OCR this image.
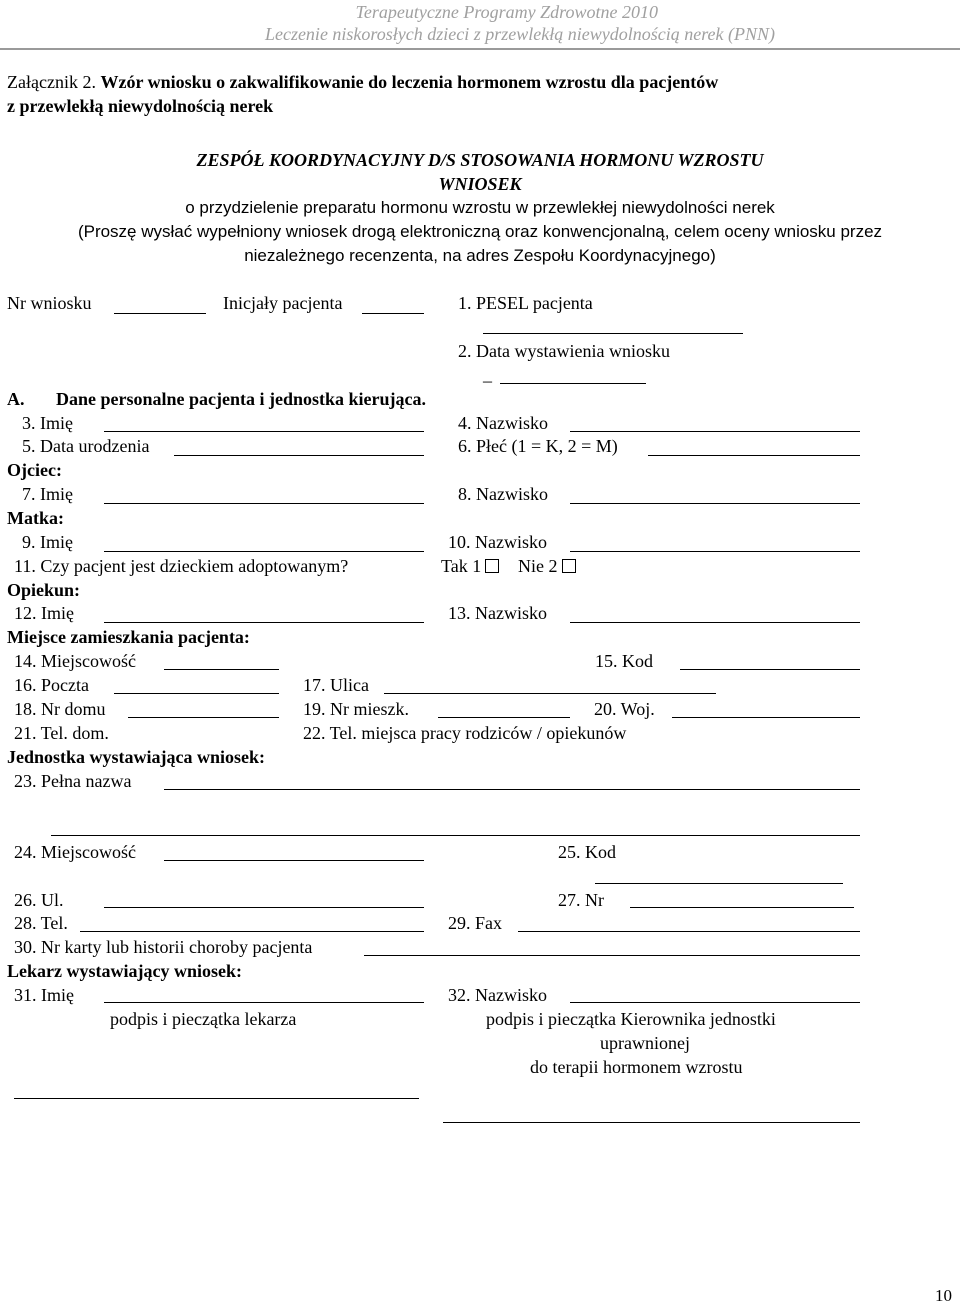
Terapeutyczne Programy Zdrowotne 2010
Leczenie niskorosłych dzieci z przewlekłą niewydolnością nerek (PNN)
Załącznik 2. Wzór wniosku o zakwalifikowanie do leczenia hormonem wzrostu dla pacjentów
z przewlekłą niewydolnością nerek
ZESPÓŁ KOORDYNACYJNY D/S STOSOWANIA HORMONU WZROSTU
WNIOSEK
o przydzielenie preparatu hormonu wzrostu w przewlekłej niewydolności nerek
(Proszę wysłać wypełniony wniosek drogą elektroniczną oraz konwencjonalną, celem oceny wniosku przez
niezależnego recenzenta, na adres Zespołu Koordynacyjnego)
Nr wniosku	Inicjały pacjenta	1. PESEL pacjenta
2. Data wystawienia wniosku
_
A. Dane personalne pacjenta i jednostka kierująca.
3. Imię	4. Nazwisko
5. Data urodzenia	6. Płeć (1 = K, 2 = M)
Ojciec:
7. Imię	8. Nazwisko
Matka:
9. Imię	10. Nazwisko
11. Czy pacjent jest dzieckiem adoptowanym?	Tak 1	Nie 2
Opiekun:
12. Imię	13. Nazwisko
Miejsce zamieszkania pacjenta:
14. Miejscowość	15. Kod
16. Poczta	17. Ulica
18. Nr domu	19. Nr mieszk.	20. Woj.
21. Tel. dom.	22. Tel. miejsca pracy rodziców / opiekunów
Jednostka wystawiająca wniosek:
23. Pełna nazwa
24. Miejscowość	25. Kod
26. Ul.	27. Nr
28. Tel.	29. Fax
30. Nr karty lub historii choroby pacjenta
Lekarz wystawiający wniosek:
31. Imię	32. Nazwisko
podpis i pieczątka lekarza	podpis i pieczątka Kierownika jednostki
uprawnionej
do terapii hormonem wzrostu
10
